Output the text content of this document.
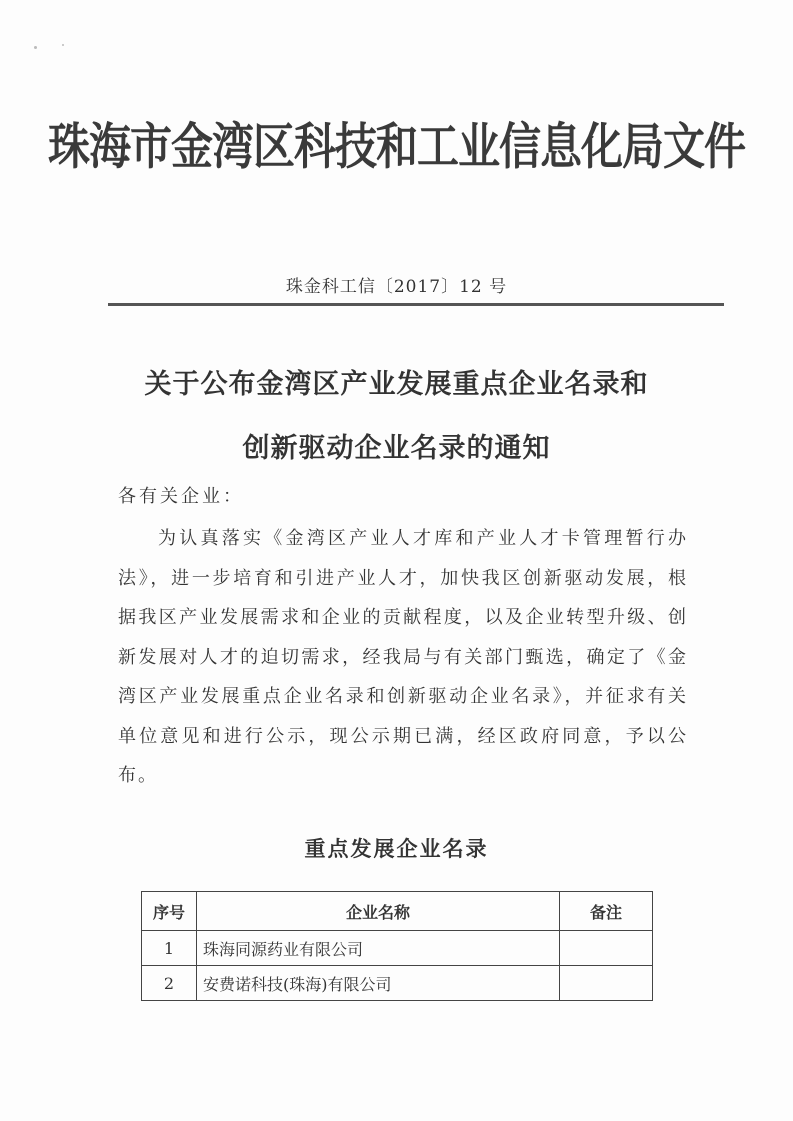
珠海市金湾区科技和工业信息化局文件
珠金科工信〔2017〕12 号
关于公布金湾区产业发展重点企业名录和
创新驱动企业名录的通知
各有关企业：
为认真落实《金湾区产业人才库和产业人才卡管理暂行办法》，进一步培育和引进产业人才，加快我区创新驱动发展，根据我区产业发展需求和企业的贡献程度，以及企业转型升级、创新发展对人才的迫切需求，经我局与有关部门甄选，确定了《金湾区产业发展重点企业名录和创新驱动企业名录》，并征求有关单位意见和进行公示，现公示期已满，经区政府同意，予以公布。
重点发展企业名录
序号	企业名称	备注
1	珠海同源药业有限公司	
2	安费诺科技(珠海)有限公司	
